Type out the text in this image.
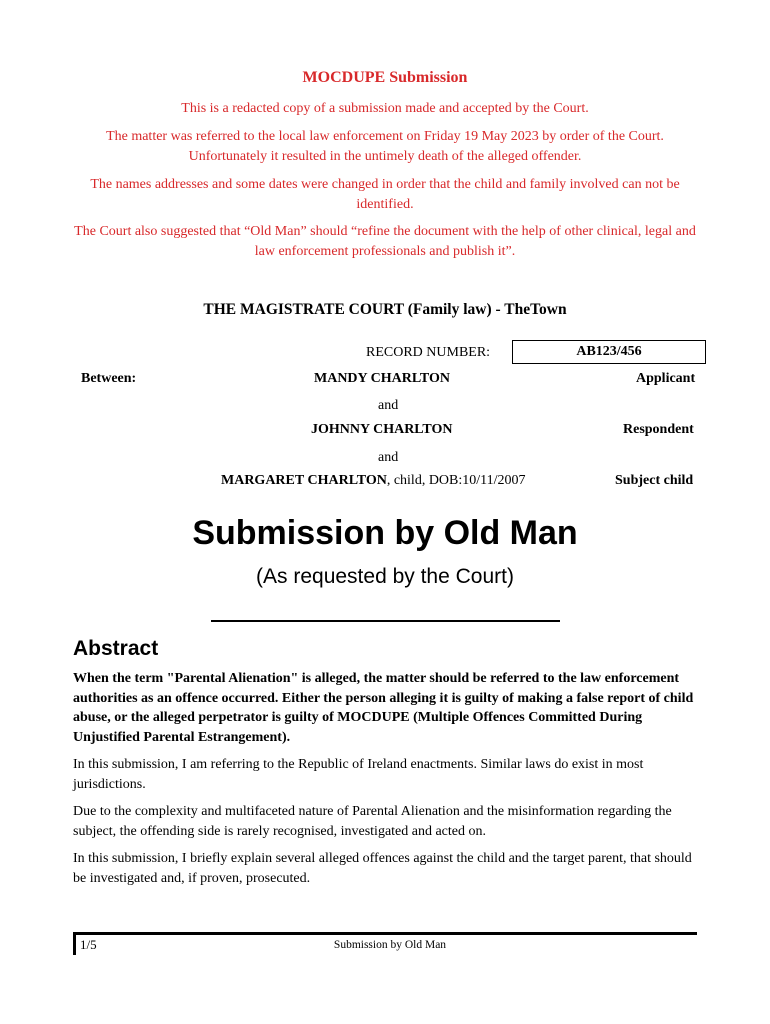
MOCDUPE Submission

This is a redacted copy of a submission made and accepted by the Court.

The matter was referred to the local law enforcement on Friday 19 May 2023 by order of the Court. Unfortunately it resulted in the untimely death of the alleged offender.

The names addresses and some dates were changed in order that the child and family involved can not be identified.

The Court also suggested that “Old Man” should “refine the document with the help of other clinical, legal and law enforcement professionals and publish it”.

THE MAGISTRATE COURT (Family law) - TheTown
RECORD NUMBER:	AB123/456
Between:	MANDY CHARLTON	Applicant
and
JOHNNY CHARLTON	Respondent
and
MARGARET CHARLTON, child, DOB:10/11/2007	Subject child
Submission by Old Man
(As requested by the Court)
Abstract

When the term "Parental Alienation" is alleged, the matter should be referred to the law enforcement authorities as an offence occurred. Either the person alleging it is guilty of making a false report of child abuse, or the alleged perpetrator is guilty of MOCDUPE (Multiple Offences Committed During Unjustified Parental Estrangement).

In this submission, I am referring to the Republic of Ireland enactments. Similar laws do exist in most jurisdictions.

Due to the complexity and multifaceted nature of Parental Alienation and the misinformation regarding the subject, the offending side is rarely recognised, investigated and acted on.

In this submission, I briefly explain several alleged offences against the child and the target parent, that should be investigated and, if proven, prosecuted.

1/5	Submission by Old Man
